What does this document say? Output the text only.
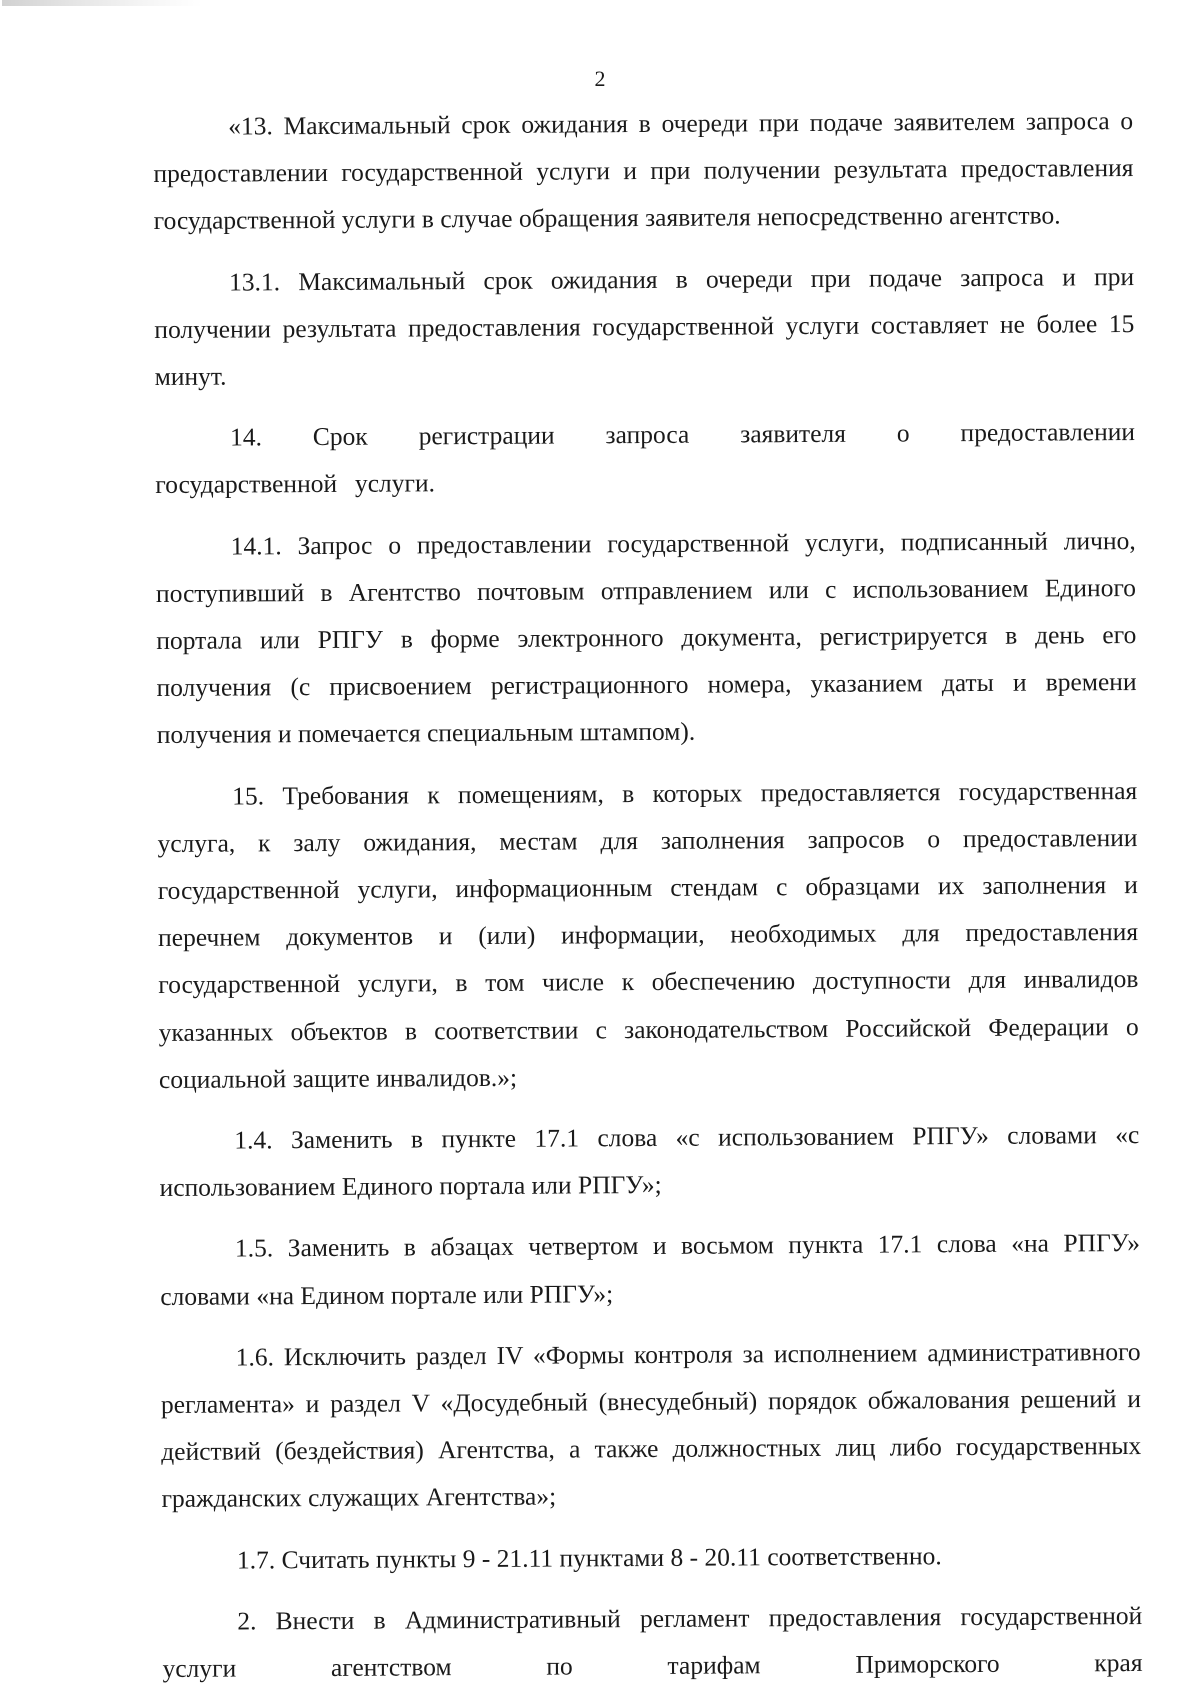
2

«13. Максимальный срок ожидания в очереди при подаче заявителем запроса о предоставлении государственной услуги и при получении результата предоставления государственной услуги в случае обращения заявителя непосредственно агентство.

13.1. Максимальный срок ожидания в очереди при подаче запроса и при получении результата предоставления государственной услуги составляет не более 15 минут.

14. Срок регистрации запроса заявителя о предоставлении государственной услуги.

14.1. Запрос о предоставлении государственной услуги, подписанный лично, поступивший в Агентство почтовым отправлением или с использованием Единого портала или РПГУ в форме электронного документа, регистрируется в день его получения (с присвоением регистрационного номера, указанием даты и времени получения и помечается специальным штампом).

15. Требования к помещениям, в которых предоставляется государственная услуга, к залу ожидания, местам для заполнения запросов о предоставлении государственной услуги, информационным стендам с образцами их заполнения и перечнем документов и (или) информации, необходимых для предоставления государственной услуги, в том числе к обеспечению доступности для инвалидов указанных объектов в соответствии с законодательством Российской Федерации о социальной защите инвалидов.»;

1.4. Заменить в пункте 17.1 слова «с использованием РПГУ» словами «с использованием Единого портала или РПГУ»;

1.5. Заменить в абзацах четвертом и восьмом пункта 17.1 слова «на РПГУ» словами «на Едином портале или РПГУ»;

1.6. Исключить раздел IV «Формы контроля за исполнением административного регламента» и раздел V «Досудебный (внесудебный) порядок обжалования решений и действий (бездействия) Агентства, а также должностных лиц либо государственных гражданских служащих Агентства»;

1.7. Считать пункты 9 - 21.11 пунктами 8 - 20.11 соответственно.

2. Внести в Административный регламент предоставления государственной услуги агентством по тарифам Приморского края
